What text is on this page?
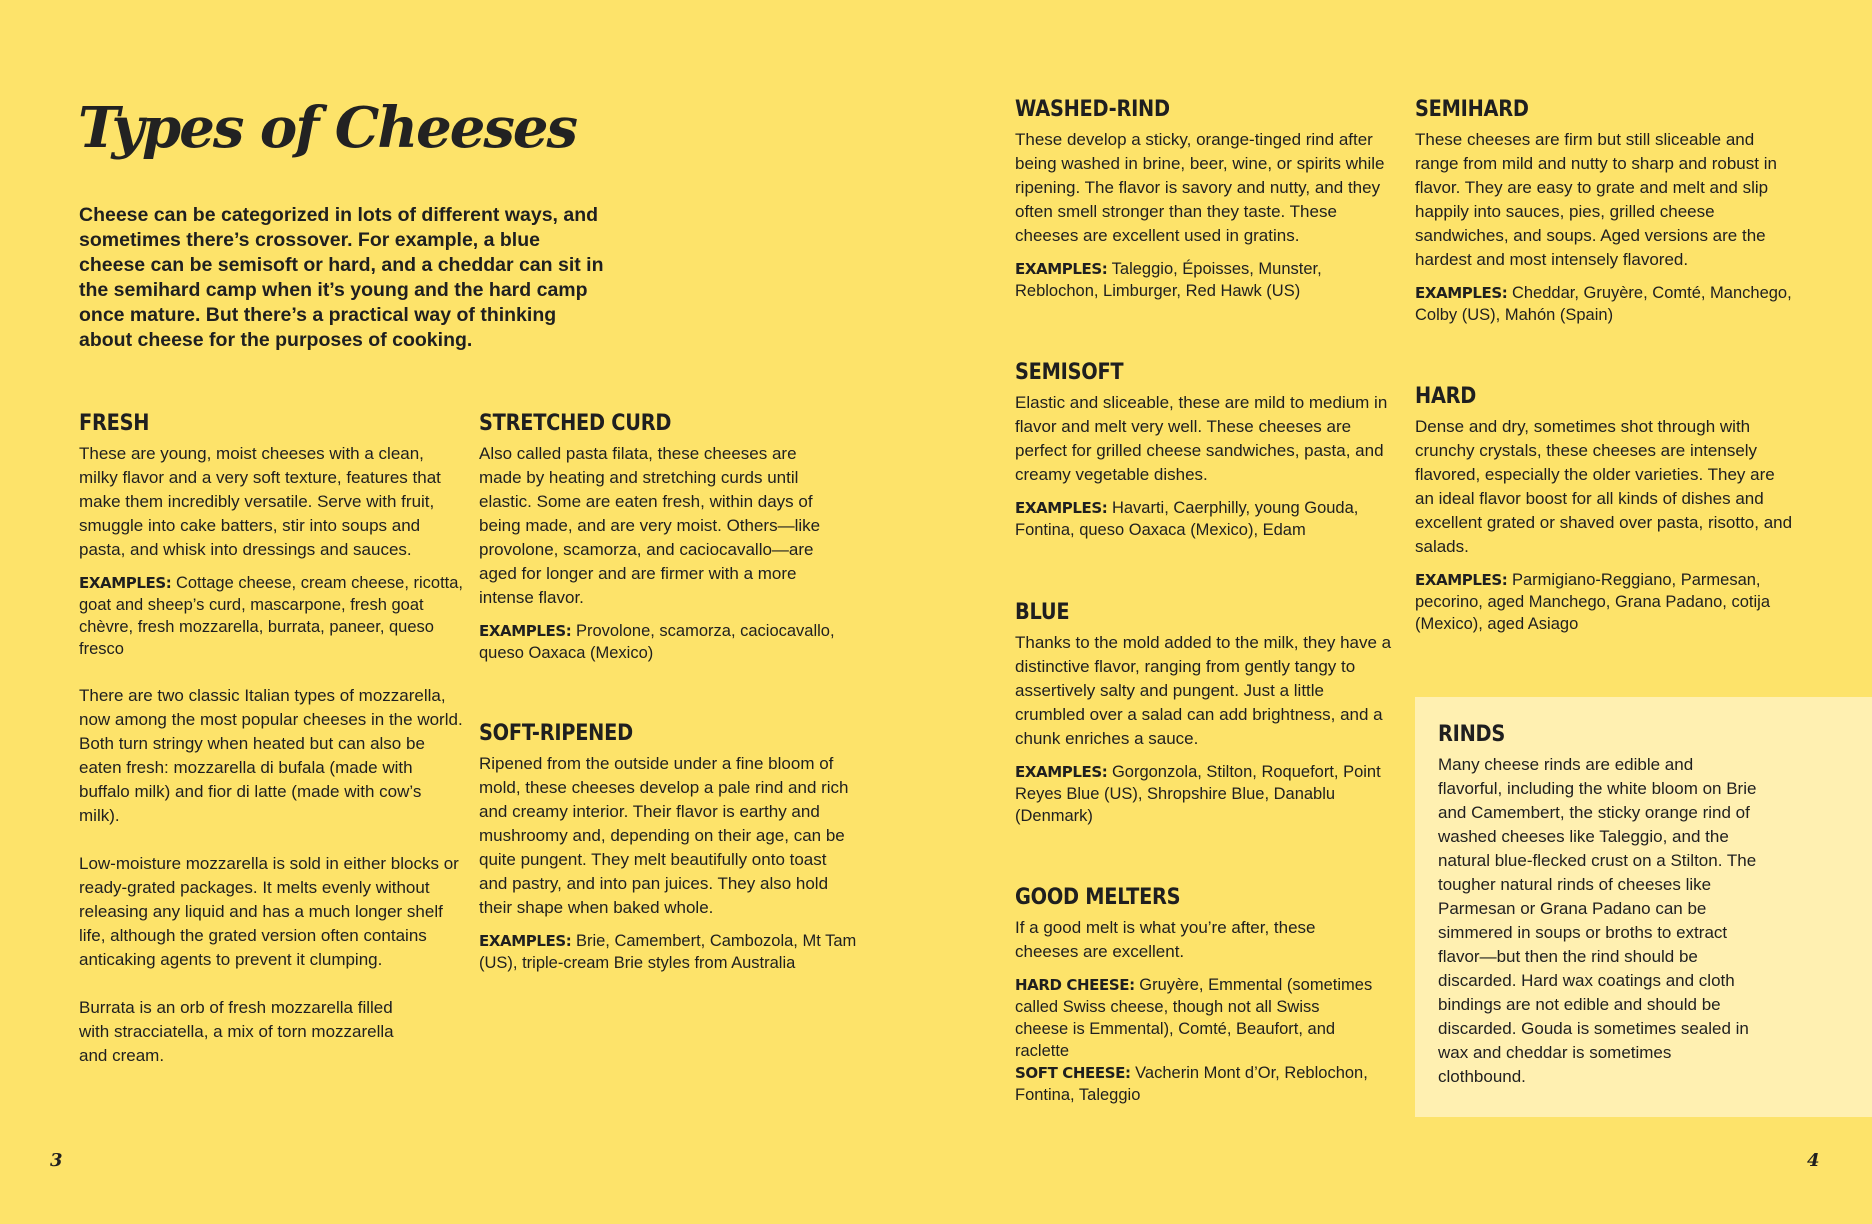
Types of Cheeses
Cheese can be categorized in lots of different ways, and sometimes there’s crossover. For example, a blue cheese can be semisoft or hard, and a cheddar can sit in the semihard camp when it’s young and the hard camp once mature. But there’s a practical way of thinking about cheese for the purposes of cooking.
FRESH

These are young, moist cheeses with a clean, milky flavor and a very soft texture, features that make them incredibly versatile. Serve with fruit, smuggle into cake batters, stir into soups and pasta, and whisk into dressings and sauces.

EXAMPLES: Cottage cheese, cream cheese, ricotta, goat and sheep’s curd, mascarpone, fresh goat chèvre, fresh mozzarella, burrata, paneer, queso fresco

There are two classic Italian types of mozzarella, now among the most popular cheeses in the world. Both turn stringy when heated but can also be eaten fresh: mozzarella di bufala (made with buffalo milk) and fior di latte (made with cow’s milk).

Low-moisture mozzarella is sold in either blocks or ready-grated packages. It melts evenly without releasing any liquid and has a much longer shelf life, although the grated version often contains anticaking agents to prevent it clumping.

Burrata is an orb of fresh mozzarella filled with stracciatella, a mix of torn mozzarella and cream.

STRETCHED CURD

Also called pasta filata, these cheeses are made by heating and stretching curds until elastic. Some are eaten fresh, within days of being made, and are very moist. Others—like provolone, scamorza, and caciocavallo—are aged for longer and are firmer with a more intense flavor.

EXAMPLES: Provolone, scamorza, caciocavallo, queso Oaxaca (Mexico)

SOFT-RIPENED

Ripened from the outside under a fine bloom of mold, these cheeses develop a pale rind and rich and creamy interior. Their flavor is earthy and mushroomy and, depending on their age, can be quite pungent. They melt beautifully onto toast and pastry, and into pan juices. They also hold their shape when baked whole.

EXAMPLES: Brie, Camembert, Cambozola, Mt Tam (US), triple-cream Brie styles from Australia

WASHED-RIND

These develop a sticky, orange-tinged rind after being washed in brine, beer, wine, or spirits while ripening. The flavor is savory and nutty, and they often smell stronger than they taste. These cheeses are excellent used in gratins.

EXAMPLES: Taleggio, Époisses, Munster, Reblochon, Limburger, Red Hawk (US)

SEMISOFT

Elastic and sliceable, these are mild to medium in flavor and melt very well. These cheeses are perfect for grilled cheese sandwiches, pasta, and creamy vegetable dishes.

EXAMPLES: Havarti, Caerphilly, young Gouda, Fontina, queso Oaxaca (Mexico), Edam

BLUE

Thanks to the mold added to the milk, they have a distinctive flavor, ranging from gently tangy to assertively salty and pungent. Just a little crumbled over a salad can add brightness, and a chunk enriches a sauce.

EXAMPLES: Gorgonzola, Stilton, Roquefort, Point Reyes Blue (US), Shropshire Blue, Danablu (Denmark)

GOOD MELTERS

If a good melt is what you’re after, these cheeses are excellent.

HARD CHEESE: Gruyère, Emmental (sometimes called Swiss cheese, though not all Swiss cheese is Emmental), Comté, Beaufort, and raclette

SOFT CHEESE: Vacherin Mont d’Or, Reblochon, Fontina, Taleggio

SEMIHARD

These cheeses are firm but still sliceable and range from mild and nutty to sharp and robust in flavor. They are easy to grate and melt and slip happily into sauces, pies, grilled cheese sandwiches, and soups. Aged versions are the hardest and most intensely flavored.

EXAMPLES: Cheddar, Gruyère, Comté, Manchego, Colby (US), Mahón (Spain)

HARD

Dense and dry, sometimes shot through with crunchy crystals, these cheeses are intensely flavored, especially the older varieties. They are an ideal flavor boost for all kinds of dishes and excellent grated or shaved over pasta, risotto, and salads.

EXAMPLES: Parmigiano-Reggiano, Parmesan, pecorino, aged Manchego, Grana Padano, cotija (Mexico), aged Asiago

RINDS

Many cheese rinds are edible and flavorful, including the white bloom on Brie and Camembert, the sticky orange rind of washed cheeses like Taleggio, and the natural blue-flecked crust on a Stilton. The tougher natural rinds of cheeses like Parmesan or Grana Padano can be simmered in soups or broths to extract flavor—but then the rind should be discarded. Hard wax coatings and cloth bindings are not edible and should be discarded. Gouda is sometimes sealed in wax and cheddar is sometimes clothbound.

3	4
